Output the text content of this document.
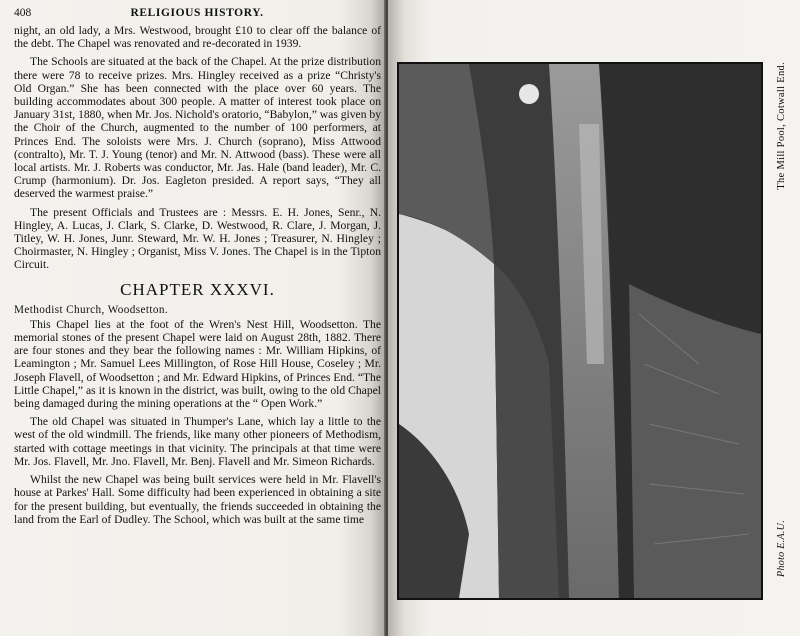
408	RELIGIOUS HISTORY.

night, an old lady, a Mrs. Westwood, brought £10 to clear off the balance of the debt. The Chapel was renovated and re-decorated in 1939.

The Schools are situated at the back of the Chapel. At the prize distribution there were 78 to receive prizes. Mrs. Hingley received as a prize “Christy's Old Organ.” She has been connected with the place over 60 years. The building accommodates about 300 people. A matter of interest took place on January 31st, 1880, when Mr. Jos. Nichold's oratorio, “Babylon,” was given by the Choir of the Church, augmented to the number of 100 performers, at Princes End. The soloists were Mrs. J. Church (soprano), Miss Attwood (contralto), Mr. T. J. Young (tenor) and Mr. N. Attwood (bass). These were all local artists. Mr. J. Roberts was conductor, Mr. Jas. Hale (band leader), Mr. C. Crump (harmonium). Dr. Jos. Eagleton presided. A report says, “They all deserved the warmest praise.”

The present Officials and Trustees are : Messrs. E. H. Jones, Senr., N. Hingley, A. Lucas, J. Clark, S. Clarke, D. Westwood, R. Clare, J. Morgan, J. Titley, W. H. Jones, Junr. Steward, Mr. W. H. Jones ; Treasurer, N. Hingley ; Choirmaster, N. Hingley ; Organist, Miss V. Jones. The Chapel is in the Tipton Circuit.

CHAPTER XXXVI.
Methodist Church, Woodsetton.

This Chapel lies at the foot of the Wren's Nest Hill, Woodsetton. The memorial stones of the present Chapel were laid on August 28th, 1882. There are four stones and they bear the following names : Mr. William Hipkins, of Leamington ; Mr. Samuel Lees Millington, of Rose Hill House, Coseley ; Mr. Joseph Flavell, of Woodsetton ; and Mr. Edward Hipkins, of Princes End. “The Little Chapel,” as it is known in the district, was built, owing to the old Chapel being damaged during the mining operations at the “ Open Work.”

The old Chapel was situated in Thumper's Lane, which lay a little to the west of the old windmill. The friends, like many other pioneers of Methodism, started with cottage meetings in that vicinity. The principals at that time were Mr. Jos. Flavell, Mr. Jno. Flavell, Mr. Benj. Flavell and Mr. Simeon Richards.

Whilst the new Chapel was being built services were held in Mr. Flavell's house at Parkes' Hall. Some difficulty had been experienced in obtaining a site for the present building, but eventually, the friends succeeded in obtaining the land from the Earl of Dudley. The School, which was built at the same time

The Mill Pool, Cotwall End.
Photo E.A.U.
